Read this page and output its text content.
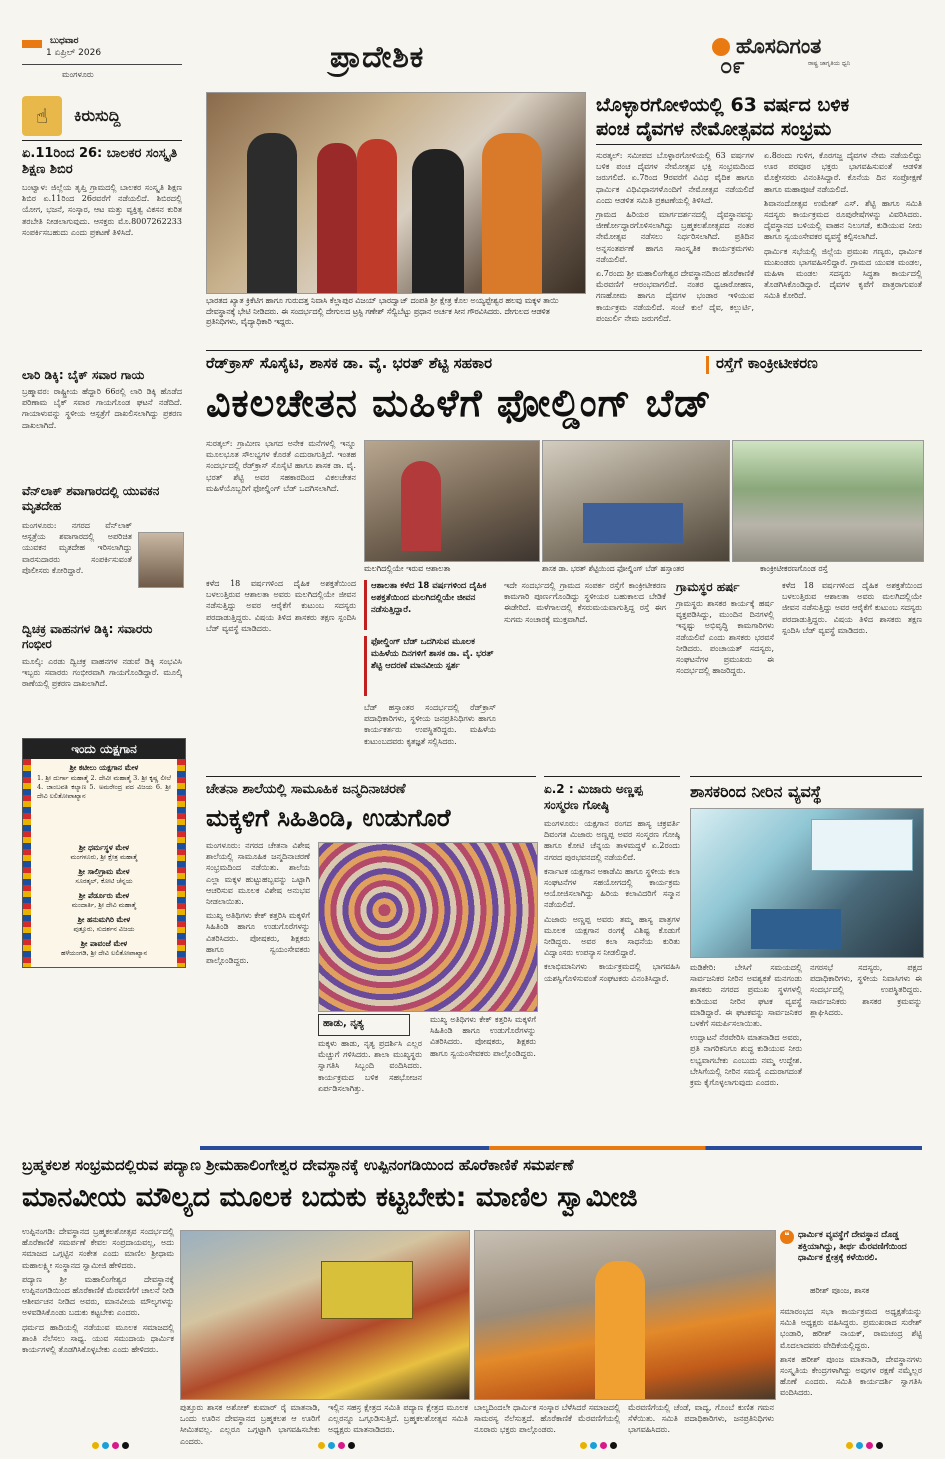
ಬುಧವಾರ
1 ಏಪ್ರಿಲ್ 2026
ಮಂಗಳೂರು	ಪ್ರಾದೇಶಿಕ	ಹೊಸದಿಗಂತ
ರಾಷ್ಟ್ರ ಜಾಗೃತಿಯ ಧ್ವನಿ
೦೯
☝	ಕಿರುಸುದ್ದಿ
ಏ.11ರಿಂದ 26: ಬಾಲಕರ ಸಂಸ್ಕೃತಿ ಶಿಕ್ಷಣ ಶಿಬಿರ
ಬಂಟ್ವಾಳ: ಜಿಲ್ಲೆಯ ತೃಪ್ತಿ ಗ್ರಾಮದಲ್ಲಿ ಬಾಲಕರ ಸಂಸ್ಕೃತಿ ಶಿಕ್ಷಣ ಶಿಬಿರ ಏ.11ರಿಂದ 26ರವರೆಗೆ ನಡೆಯಲಿದೆ. ಶಿಬಿರದಲ್ಲಿ ಯೋಗ, ಭಜನೆ, ಸಂಸ್ಕಾರ, ಆಟ ಮತ್ತು ವ್ಯಕ್ತಿತ್ವ ವಿಕಸನ ಕುರಿತ ತರಬೇತಿ ನೀಡಲಾಗುವುದು. ಆಸಕ್ತರು ಮೊ.8007262233 ಸಂಪರ್ಕಿಸಬಹುದು ಎಂದು ಪ್ರಕಟಣೆ ತಿಳಿಸಿದೆ.
ಲಾರಿ ಡಿಕ್ಕಿ: ಬೈಕ್ ಸವಾರ ಗಾಯ
ಬ್ರಹ್ಮಾವರ: ರಾಷ್ಟ್ರೀಯ ಹೆದ್ದಾರಿ 66ರಲ್ಲಿ ಲಾರಿ ಡಿಕ್ಕಿ ಹೊಡೆದ ಪರಿಣಾಮ ಬೈಕ್ ಸವಾರ ಗಾಯಗೊಂಡ ಘಟನೆ ನಡೆದಿದೆ. ಗಾಯಾಳುವನ್ನು ಸ್ಥಳೀಯ ಆಸ್ಪತ್ರೆಗೆ ದಾಖಲಿಸಲಾಗಿದ್ದು ಪ್ರಕರಣ ದಾಖಲಾಗಿದೆ.
ವೆನ್‌ಲಾಕ್ ಶವಾಗಾರದಲ್ಲಿ ಯುವಕನ ಮೃತದೇಹ
ಮಂಗಳೂರು: ನಗರದ ವೆನ್‌ಲಾಕ್ ಆಸ್ಪತ್ರೆಯ ಶವಾಗಾರದಲ್ಲಿ ಅಪರಿಚಿತ ಯುವಕನ ಮೃತದೇಹ ಇರಿಸಲಾಗಿದ್ದು ವಾರಸುದಾರರು ಸಂಪರ್ಕಿಸುವಂತೆ ಪೊಲೀಸರು ಕೋರಿದ್ದಾರೆ.
ದ್ವಿಚಕ್ರ ವಾಹನಗಳ ಡಿಕ್ಕಿ: ಸವಾರರು ಗಂಭೀರ
ಮೂಲ್ಕಿ: ಎರಡು ದ್ವಿಚಕ್ರ ವಾಹನಗಳ ನಡುವೆ ಡಿಕ್ಕಿ ಸಂಭವಿಸಿ ಇಬ್ಬರು ಸವಾರರು ಗಂಭೀರವಾಗಿ ಗಾಯಗೊಂಡಿದ್ದಾರೆ. ಮೂಲ್ಕಿ ಠಾಣೆಯಲ್ಲಿ ಪ್ರಕರಣ ದಾಖಲಾಗಿದೆ.
ಇಂದು ಯಕ್ಷಗಾನ
ಶ್ರೀ ಕಟೀಲು ಯಕ್ಷಗಾನ ಮೇಳ
1. ಶ್ರೀ ದುರ್ಗಾ ಮಹಾತ್ಮೆ 2. ದೇವೀ ಮಹಾತ್ಮೆ 3. ಶ್ರೀ ಕೃಷ್ಣ ಲೀಲೆ 4. ಜಾಂಬವತಿ ಕಲ್ಯಾಣ 5. ಅಮರೇಂದ್ರ ಪದ ವಿಜಯ 6. ಶ್ರೀ ದೇವಿ ಲಲಿತೋಪಾಖ್ಯಾನ
ಶ್ರೀ ಧರ್ಮಸ್ಥಳ ಮೇಳ
ಮಂಗಳೂರು, ಶ್ರೀ ಕ್ಷೇತ್ರ ಮಹಾತ್ಮೆ
ಶ್ರೀ ಸಾಲಿಗ್ರಾಮ ಮೇಳ
ಸೂರತ್ಕಲ್, ಕೋಟಿ ಚೆನ್ನಯ
ಶ್ರೀ ಪೆರ್ಡೂರು ಮೇಳ
ಮಂದಾರ್ತಿ, ಶ್ರೀ ದೇವಿ ಮಹಾತ್ಮೆ
ಶ್ರೀ ಹನುಮಗಿರಿ ಮೇಳ
ಪುತ್ತೂರು, ಸುದರ್ಶನ ವಿಜಯ
ಶ್ರೀ ಪಾವಂಜೆ ಮೇಳ
ಹಳೆಯಂಗಡಿ, ಶ್ರೀ ದೇವಿ ಲಲಿತೋಪಾಖ್ಯಾನ
ಭಾರತದ ಖ್ಯಾತ ಕ್ರಿಕೆಟಿಗ ಹಾಗೂ ಗುರುದತ್ತ ನಿವಾಸಿ ಕೆಲ್ಲಾಪುರ ವಿಜಯ್ ಭಾರದ್ವಾಜ್ ದಂಪತಿ ಶ್ರೀ ಕ್ಷೇತ್ರ ಕೊಲ ಅಯ್ಯಪ್ಪೇಶ್ವರ ಹಲವು ಮಕ್ಕಳ ತಾಯಿ ದೇವಸ್ಥಾನಕ್ಕೆ ಭೇಟಿ ನೀಡಿದರು. ಈ ಸಂದರ್ಭದಲ್ಲಿ ದೇಗುಲದ ಟ್ರಸ್ಟಿ ಗಣೇಶ್ ಸೆಲ್ವಿಬೆಟ್ಟು ಪ್ರಧಾನ ಅರ್ಚಕ ಸೀನ ಗೌರವಿಸಿದರು. ದೇಗುಲದ ಆಡಳಿತ ಪ್ರತಿನಿಧಿಗಳು, ವೈದ್ಯಾಧಿಕಾರಿ ಇದ್ದರು.
ಬೊಳ್ಳಾರಗೋಳಿಯಲ್ಲಿ 63 ವರ್ಷದ ಬಳಿಕ
ಪಂಚ ದೈವಗಳ ನೇಮೋತ್ಸವದ ಸಂಭ್ರಮ

ಸುರತ್ಕಲ್: ಸಮೀಪದ ಬೊಳ್ಳಾರಗೋಳಿಯಲ್ಲಿ 63 ವರ್ಷಗಳ ಬಳಿಕ ಪಂಚ ದೈವಗಳ ನೇಮೋತ್ಸವ ಭಕ್ತಿ ಸಂಭ್ರಮದಿಂದ ಜರುಗಲಿದೆ. ಏ.7ರಿಂದ 9ರವರೆಗೆ ವಿವಿಧ ವೈದಿಕ ಹಾಗೂ ಧಾರ್ಮಿಕ ವಿಧಿವಿಧಾನಗಳೊಂದಿಗೆ ನೇಮೋತ್ಸವ ನಡೆಯಲಿದೆ ಎಂದು ಆಡಳಿತ ಸಮಿತಿ ಪ್ರಕಟಣೆಯಲ್ಲಿ ತಿಳಿಸಿದೆ.

ಗ್ರಾಮದ ಹಿರಿಯರ ಮಾರ್ಗದರ್ಶನದಲ್ಲಿ ದೈವಸ್ಥಾನವನ್ನು ಜೀರ್ಣೋದ್ಧಾರಗೊಳಿಸಲಾಗಿದ್ದು ಬ್ರಹ್ಮಕಲಶೋತ್ಸವದ ನಂತರ ನೇಮೋತ್ಸವ ನಡೆಸಲು ನಿರ್ಧರಿಸಲಾಗಿದೆ. ಪ್ರತಿದಿನ ಅನ್ನಸಂತರ್ಪಣೆ ಹಾಗೂ ಸಾಂಸ್ಕೃತಿಕ ಕಾರ್ಯಕ್ರಮಗಳು ನಡೆಯಲಿವೆ.

ಏ.7ರಂದು ಶ್ರೀ ಮಹಾಲಿಂಗೇಶ್ವರ ದೇವಸ್ಥಾನದಿಂದ ಹೊರೆಕಾಣಿಕೆ ಮೆರವಣಿಗೆ ಆರಂಭವಾಗಲಿದೆ. ನಂತರ ಧ್ವಜಾರೋಹಣ, ಗಣಹೋಮ ಹಾಗೂ ದೈವಗಳ ಭಂಡಾರ ಇಳಿಯುವ ಕಾರ್ಯಕ್ರಮ ನಡೆಯಲಿದೆ. ಸಂಜೆ ಕುಲೆ ದೈವ, ಕಲ್ಲುರ್ಟಿ, ಪಂಜುರ್ಲಿ ನೇಮ ಜರುಗಲಿದೆ.

ಏ.8ರಂದು ಗುಳಿಗ, ಕೊರಗಜ್ಜ ದೈವಗಳ ನೇಮ ನಡೆಯಲಿದ್ದು ಊರ ಪರವೂರ ಭಕ್ತರು ಭಾಗವಹಿಸುವಂತೆ ಆಡಳಿತ ಮೊಕ್ತೇಸರರು ವಿನಂತಿಸಿದ್ದಾರೆ. ಕೊನೆಯ ದಿನ ಸಂಪ್ರೋಕ್ಷಣೆ ಹಾಗೂ ಮಹಾಪೂಜೆ ನಡೆಯಲಿದೆ.

ಶಿವಾನಂದೋತ್ಸವ ಉಮೇಶ್ ಎಸ್. ಶೆಟ್ಟಿ ಹಾಗೂ ಸಮಿತಿ ಸದಸ್ಯರು ಕಾರ್ಯಕ್ರಮದ ರೂಪುರೇಷೆಗಳನ್ನು ವಿವರಿಸಿದರು. ದೈವಸ್ಥಾನದ ಬಳಿಯಲ್ಲಿ ವಾಹನ ನಿಲುಗಡೆ, ಕುಡಿಯುವ ನೀರು ಹಾಗೂ ಸ್ವಯಂಸೇವಕರ ವ್ಯವಸ್ಥೆ ಕಲ್ಪಿಸಲಾಗಿದೆ.

ಧಾರ್ಮಿಕ ಸಭೆಯಲ್ಲಿ ಜಿಲ್ಲೆಯ ಪ್ರಮುಖ ಗಣ್ಯರು, ಧಾರ್ಮಿಕ ಮುಖಂಡರು ಭಾಗವಹಿಸಲಿದ್ದಾರೆ. ಗ್ರಾಮದ ಯುವಕ ಮಂಡಲ, ಮಹಿಳಾ ಮಂಡಲ ಸದಸ್ಯರು ಸಿದ್ಧತಾ ಕಾರ್ಯದಲ್ಲಿ ತೊಡಗಿಸಿಕೊಂಡಿದ್ದಾರೆ. ದೈವಗಳ ಕೃಪೆಗೆ ಪಾತ್ರರಾಗುವಂತೆ ಸಮಿತಿ ಕೋರಿದೆ.

ರೆಡ್‌ಕ್ರಾಸ್ ಸೊಸೈಟಿ, ಶಾಸಕ ಡಾ. ವೈ. ಭರತ್ ಶೆಟ್ಟಿ ಸಹಕಾರ	ರಸ್ತೆಗೆ ಕಾಂಕ್ರೀಟೀಕರಣ
ವಿಕಲಚೇತನ ಮಹಿಳೆಗೆ ಫೋಲ್ಡಿಂಗ್ ಬೆಡ್

ಸುರತ್ಕಲ್: ಗ್ರಾಮೀಣ ಭಾಗದ ಅನೇಕ ಮನೆಗಳಲ್ಲಿ ಇನ್ನೂ ಮೂಲಭೂತ ಸೌಲಭ್ಯಗಳ ಕೊರತೆ ಎದುರಾಗುತ್ತಿದೆ. ಇಂತಹ ಸಂದರ್ಭದಲ್ಲಿ ರೆಡ್‌ಕ್ರಾಸ್ ಸೊಸೈಟಿ ಹಾಗೂ ಶಾಸಕ ಡಾ. ವೈ. ಭರತ್ ಶೆಟ್ಟಿ ಅವರ ಸಹಕಾರದಿಂದ ವಿಕಲಚೇತನ ಮಹಿಳೆಯೊಬ್ಬರಿಗೆ ಫೋಲ್ಡಿಂಗ್ ಬೆಡ್ ಒದಗಿಸಲಾಗಿದೆ.

ಮಲಗಿದಲ್ಲಿಯೇ ಇರುವ ಆಶಾಲತಾ	ಶಾಸಕ ಡಾ. ಭರತ್ ಶೆಟ್ಟಿಯಿಂದ ಫೋಲ್ಡಿಂಗ್ ಬೆಡ್ ಹಸ್ತಾಂತರ	ಕಾಂಕ್ರೀಟೀಕರಣಗೊಂಡ ರಸ್ತೆ

ಕಳೆದ 18 ವರ್ಷಗಳಿಂದ ದೈಹಿಕ ಅಶಕ್ತತೆಯಿಂದ ಬಳಲುತ್ತಿರುವ ಆಶಾಲತಾ ಅವರು ಮಲಗಿದಲ್ಲಿಯೇ ಜೀವನ ನಡೆಸುತ್ತಿದ್ದು ಅವರ ಆರೈಕೆಗೆ ಕುಟುಂಬ ಸದಸ್ಯರು ಪರದಾಡುತ್ತಿದ್ದರು. ವಿಷಯ ತಿಳಿದ ಶಾಸಕರು ತಕ್ಷಣ ಸ್ಪಂದಿಸಿ ಬೆಡ್ ವ್ಯವಸ್ಥೆ ಮಾಡಿದರು.

ಆಶಾಲತಾ ಕಳೆದ 18 ವರ್ಷಗಳಿಂದ ದೈಹಿಕ ಅಶಕ್ತತೆಯಿಂದ ಮಲಗಿದಲ್ಲಿಯೇ ಜೀವನ ನಡೆಸುತ್ತಿದ್ದಾರೆ.
ಫೋಲ್ಡಿಂಗ್ ಬೆಡ್ ಒದಗಿಸುವ ಮೂಲಕ ಮಹಿಳೆಯ ದಿನಗಳಿಗೆ ಶಾಸಕ ಡಾ. ವೈ. ಭರತ್ ಶೆಟ್ಟಿ ಆದರಣೆ ಮಾನವೀಯ ಸ್ಪರ್ಶ

ಬೆಡ್ ಹಸ್ತಾಂತರ ಸಂದರ್ಭದಲ್ಲಿ ರೆಡ್‌ಕ್ರಾಸ್ ಪದಾಧಿಕಾರಿಗಳು, ಸ್ಥಳೀಯ ಜನಪ್ರತಿನಿಧಿಗಳು ಹಾಗೂ ಕಾರ್ಯಕರ್ತರು ಉಪಸ್ಥಿತರಿದ್ದರು. ಮಹಿಳೆಯ ಕುಟುಂಬದವರು ಕೃತಜ್ಞತೆ ಸಲ್ಲಿಸಿದರು.

ಇದೇ ಸಂದರ್ಭದಲ್ಲಿ ಗ್ರಾಮದ ಸಂಪರ್ಕ ರಸ್ತೆಗೆ ಕಾಂಕ್ರೀಟೀಕರಣ ಕಾಮಗಾರಿ ಪೂರ್ಣಗೊಂಡಿದ್ದು ಸ್ಥಳೀಯರ ಬಹುಕಾಲದ ಬೇಡಿಕೆ ಈಡೇರಿದೆ. ಮಳೆಗಾಲದಲ್ಲಿ ಕೆಸರುಮಯವಾಗುತ್ತಿದ್ದ ರಸ್ತೆ ಈಗ ಸುಗಮ ಸಂಚಾರಕ್ಕೆ ಮುಕ್ತವಾಗಿದೆ.

ಗ್ರಾಮಸ್ಥರ ಹರ್ಷ

ಗ್ರಾಮಸ್ಥರು ಶಾಸಕರ ಕಾರ್ಯಕ್ಕೆ ಹರ್ಷ ವ್ಯಕ್ತಪಡಿಸಿದ್ದು, ಮುಂದಿನ ದಿನಗಳಲ್ಲಿ ಇನ್ನಷ್ಟು ಅಭಿವೃದ್ಧಿ ಕಾಮಗಾರಿಗಳು ನಡೆಯಲಿವೆ ಎಂದು ಶಾಸಕರು ಭರವಸೆ ನೀಡಿದರು. ಪಂಚಾಯತ್ ಸದಸ್ಯರು, ಸಂಘಟನೆಗಳ ಪ್ರಮುಖರು ಈ ಸಂದರ್ಭದಲ್ಲಿ ಹಾಜರಿದ್ದರು.

ಕಳೆದ 18 ವರ್ಷಗಳಿಂದ ದೈಹಿಕ ಅಶಕ್ತತೆಯಿಂದ ಬಳಲುತ್ತಿರುವ ಆಶಾಲತಾ ಅವರು ಮಲಗಿದಲ್ಲಿಯೇ ಜೀವನ ನಡೆಸುತ್ತಿದ್ದು ಅವರ ಆರೈಕೆಗೆ ಕುಟುಂಬ ಸದಸ್ಯರು ಪರದಾಡುತ್ತಿದ್ದರು. ವಿಷಯ ತಿಳಿದ ಶಾಸಕರು ತಕ್ಷಣ ಸ್ಪಂದಿಸಿ ಬೆಡ್ ವ್ಯವಸ್ಥೆ ಮಾಡಿದರು.

ಚೇತನಾ ಶಾಲೆಯಲ್ಲಿ ಸಾಮೂಹಿಕ ಜನ್ಮದಿನಾಚರಣೆ
ಮಕ್ಕಳಿಗೆ ಸಿಹಿತಿಂಡಿ, ಉಡುಗೊರೆ

ಮಂಗಳೂರು: ನಗರದ ಚೇತನಾ ವಿಶೇಷ ಶಾಲೆಯಲ್ಲಿ ಸಾಮೂಹಿಕ ಜನ್ಮದಿನಾಚರಣೆ ಸಂಭ್ರಮದಿಂದ ನಡೆಯಿತು. ಶಾಲೆಯ ಎಲ್ಲಾ ಮಕ್ಕಳ ಹುಟ್ಟುಹಬ್ಬವನ್ನು ಒಟ್ಟಾಗಿ ಆಚರಿಸುವ ಮೂಲಕ ವಿಶೇಷ ಅನುಭವ ನೀಡಲಾಯಿತು.

ಮುಖ್ಯ ಅತಿಥಿಗಳು ಕೇಕ್ ಕತ್ತರಿಸಿ ಮಕ್ಕಳಿಗೆ ಸಿಹಿತಿಂಡಿ ಹಾಗೂ ಉಡುಗೊರೆಗಳನ್ನು ವಿತರಿಸಿದರು. ಪೋಷಕರು, ಶಿಕ್ಷಕರು ಹಾಗೂ ಸ್ವಯಂಸೇವಕರು ಪಾಲ್ಗೊಂಡಿದ್ದರು.

ಹಾಡು, ನೃತ್ಯ

ಮಕ್ಕಳು ಹಾಡು, ನೃತ್ಯ ಪ್ರದರ್ಶಿಸಿ ಎಲ್ಲರ ಮೆಚ್ಚುಗೆ ಗಳಿಸಿದರು. ಶಾಲಾ ಮುಖ್ಯಸ್ಥರು ಸ್ವಾಗತಿಸಿ ಸಿಬ್ಬಂದಿ ವಂದಿಸಿದರು. ಕಾರ್ಯಕ್ರಮದ ಬಳಿಕ ಸಹಭೋಜನ ಏರ್ಪಡಿಸಲಾಗಿತ್ತು.

ಮುಖ್ಯ ಅತಿಥಿಗಳು ಕೇಕ್ ಕತ್ತರಿಸಿ ಮಕ್ಕಳಿಗೆ ಸಿಹಿತಿಂಡಿ ಹಾಗೂ ಉಡುಗೊರೆಗಳನ್ನು ವಿತರಿಸಿದರು. ಪೋಷಕರು, ಶಿಕ್ಷಕರು ಹಾಗೂ ಸ್ವಯಂಸೇವಕರು ಪಾಲ್ಗೊಂಡಿದ್ದರು.

ಏ.2 : ಮಿಜಾರು ಅಣ್ಣಪ್ಪ
ಸಂಸ್ಮರಣ ಗೋಷ್ಠಿ

ಮಂಗಳೂರು: ಯಕ್ಷಗಾನ ರಂಗದ ಹಾಸ್ಯ ಚಕ್ರವರ್ತಿ ದಿವಂಗತ ಮಿಜಾರು ಅಣ್ಣಪ್ಪ ಅವರ ಸಂಸ್ಮರಣ ಗೋಷ್ಠಿ ಹಾಗೂ ಕೋಟಿ ಚೆನ್ನಯ ತಾಳಮದ್ದಳೆ ಏ.2ರಂದು ನಗರದ ಪುರಭವನದಲ್ಲಿ ನಡೆಯಲಿದೆ.

ಕರ್ನಾಟಕ ಯಕ್ಷಗಾನ ಅಕಾಡೆಮಿ ಹಾಗೂ ಸ್ಥಳೀಯ ಕಲಾ ಸಂಘಟನೆಗಳ ಸಹಯೋಗದಲ್ಲಿ ಕಾರ್ಯಕ್ರಮ ಆಯೋಜಿಸಲಾಗಿದ್ದು ಹಿರಿಯ ಕಲಾವಿದರಿಗೆ ಸನ್ಮಾನ ನಡೆಯಲಿದೆ.

ಮಿಜಾರು ಅಣ್ಣಪ್ಪ ಅವರು ತಮ್ಮ ಹಾಸ್ಯ ಪಾತ್ರಗಳ ಮೂಲಕ ಯಕ್ಷಗಾನ ರಂಗಕ್ಕೆ ವಿಶಿಷ್ಟ ಕೊಡುಗೆ ನೀಡಿದ್ದರು. ಅವರ ಕಲಾ ಸಾಧನೆಯ ಕುರಿತು ವಿದ್ವಾಂಸರು ಉಪನ್ಯಾಸ ನೀಡಲಿದ್ದಾರೆ.

ಕಲಾಭಿಮಾನಿಗಳು ಕಾರ್ಯಕ್ರಮದಲ್ಲಿ ಭಾಗವಹಿಸಿ ಯಶಸ್ವಿಗೊಳಿಸುವಂತೆ ಸಂಘಟಕರು ವಿನಂತಿಸಿದ್ದಾರೆ.

ಶಾಸಕರಿಂದ ನೀರಿನ ವ್ಯವಸ್ಥೆ

ಮಡಿಕೇರಿ: ಬೇಸಿಗೆ ಸಮಯದಲ್ಲಿ ಸಾರ್ವಜನಿಕರ ನೀರಿನ ಅವಶ್ಯಕತೆ ಮನಗಂಡು ಶಾಸಕರು ನಗರದ ಪ್ರಮುಖ ಸ್ಥಳಗಳಲ್ಲಿ ಕುಡಿಯುವ ನೀರಿನ ಘಟಕ ವ್ಯವಸ್ಥೆ ಮಾಡಿದ್ದಾರೆ. ಈ ಘಟಕವನ್ನು ಸಾರ್ವಜನಿಕರ ಬಳಕೆಗೆ ಸಮರ್ಪಿಸಲಾಯಿತು.

ಉದ್ಘಾಟನೆ ನೆರವೇರಿಸಿ ಮಾತನಾಡಿದ ಅವರು, ಪ್ರತಿ ನಾಗರಿಕನಿಗೂ ಶುದ್ಧ ಕುಡಿಯುವ ನೀರು ಲಭ್ಯವಾಗಬೇಕು ಎಂಬುದು ನಮ್ಮ ಉದ್ದೇಶ. ಬೇಸಿಗೆಯಲ್ಲಿ ನೀರಿನ ಸಮಸ್ಯೆ ಎದುರಾಗದಂತೆ ಕ್ರಮ ಕೈಗೊಳ್ಳಲಾಗುವುದು ಎಂದರು.

ನಗರಸಭೆ ಸದಸ್ಯರು, ಪಕ್ಷದ ಪದಾಧಿಕಾರಿಗಳು, ಸ್ಥಳೀಯ ನಿವಾಸಿಗಳು ಈ ಸಂದರ್ಭದಲ್ಲಿ ಉಪಸ್ಥಿತರಿದ್ದರು. ಸಾರ್ವಜನಿಕರು ಶಾಸಕರ ಕ್ರಮವನ್ನು ಶ್ಲಾಘಿಸಿದರು.

ಬ್ರಹ್ಮಕಲಶ ಸಂಭ್ರಮದಲ್ಲಿರುವ ಪದ್ಯಾಣ ಶ್ರೀಮಹಾಲಿಂಗೇಶ್ವರ ದೇವಸ್ಥಾನಕ್ಕೆ ಉಪ್ಪಿನಂಗಡಿಯಿಂದ ಹೊರೆಕಾಣಿಕೆ ಸಮರ್ಪಣೆ
ಮಾನವೀಯ ಮೌಲ್ಯದ ಮೂಲಕ ಬದುಕು ಕಟ್ಟಬೇಕು: ಮಾಣಿಲ ಸ್ವಾಮೀಜಿ

ಉಪ್ಪಿನಂಗಡಿ: ದೇವಸ್ಥಾನದ ಬ್ರಹ್ಮಕಲಶೋತ್ಸವ ಸಂದರ್ಭದಲ್ಲಿ ಹೊರೆಕಾಣಿಕೆ ಸಮರ್ಪಣೆ ಕೇವಲ ಸಂಪ್ರದಾಯವಲ್ಲ, ಅದು ಸಮಾಜದ ಒಗ್ಗಟ್ಟಿನ ಸಂಕೇತ ಎಂದು ಮಾಣಿಲ ಶ್ರೀಧಾಮ ಮಹಾಲಕ್ಷ್ಮೀ ಸಂಸ್ಥಾನದ ಸ್ವಾಮೀಜಿ ಹೇಳಿದರು.

ಪದ್ಯಾಣ ಶ್ರೀ ಮಹಾಲಿಂಗೇಶ್ವರ ದೇವಸ್ಥಾನಕ್ಕೆ ಉಪ್ಪಿನಂಗಡಿಯಿಂದ ಹೊರೆಕಾಣಿಕೆ ಮೆರವಣಿಗೆಗೆ ಚಾಲನೆ ನೀಡಿ ಆಶೀರ್ವಚನ ನೀಡಿದ ಅವರು, ಮಾನವೀಯ ಮೌಲ್ಯಗಳನ್ನು ಅಳವಡಿಸಿಕೊಂಡು ಬದುಕು ಕಟ್ಟಬೇಕು ಎಂದರು.

ಧರ್ಮದ ಹಾದಿಯಲ್ಲಿ ನಡೆಯುವ ಮೂಲಕ ಸಮಾಜದಲ್ಲಿ ಶಾಂತಿ ನೆಲೆಸಲು ಸಾಧ್ಯ. ಯುವ ಸಮುದಾಯ ಧಾರ್ಮಿಕ ಕಾರ್ಯಗಳಲ್ಲಿ ತೊಡಗಿಸಿಕೊಳ್ಳಬೇಕು ಎಂದು ಹೇಳಿದರು.

❝ ಧಾರ್ಮಿಕ ವ್ಯವಸ್ಥೆಗೆ ದೇವಸ್ಥಾನ ದೊಡ್ಡ ಶಕ್ತಿಯಾಗಿದ್ದು, ತೀರ್ಥ ಮೆರವಣಿಗೆಯಿಂದ ಧಾರ್ಮಿಕ ಕ್ಷೇತ್ರಕ್ಕೆ ಕಳೆಯಿರಲಿ.
ಹರೀಶ್ ಪೂಂಜ, ಶಾಸಕ

ಸಮಾರಂಭದ ಸಭಾ ಕಾರ್ಯಕ್ರಮದ ಅಧ್ಯಕ್ಷತೆಯನ್ನು ಸಮಿತಿ ಅಧ್ಯಕ್ಷರು ವಹಿಸಿದ್ದರು. ಪ್ರಮುಖರಾದ ಸುರೇಶ್ ಭಂಡಾರಿ, ಹರೀಶ್ ನಾಯಕ್, ರಾಮಚಂದ್ರ ಶೆಟ್ಟಿ ಮೊದಲಾದವರು ವೇದಿಕೆಯಲ್ಲಿದ್ದರು.

ಶಾಸಕ ಹರೀಶ್ ಪೂಂಜ ಮಾತನಾಡಿ, ದೇವಸ್ಥಾನಗಳು ಸಂಸ್ಕೃತಿಯ ಕೇಂದ್ರಗಳಾಗಿದ್ದು ಅವುಗಳ ರಕ್ಷಣೆ ನಮ್ಮೆಲ್ಲರ ಹೊಣೆ ಎಂದರು. ಸಮಿತಿ ಕಾರ್ಯದರ್ಶಿ ಸ್ವಾಗತಿಸಿ ವಂದಿಸಿದರು.

ಪುತ್ತೂರು ಶಾಸಕ ಅಶೋಕ್ ಕುಮಾರ್ ರೈ ಮಾತನಾಡಿ, ಒಂದು ಊರಿನ ದೇವಸ್ಥಾನದ ಬ್ರಹ್ಮಕಲಶ ಆ ಊರಿಗೆ ಸೀಮಿತವಲ್ಲ. ಎಲ್ಲರೂ ಒಗ್ಗಟ್ಟಾಗಿ ಭಾಗವಹಿಸಬೇಕು ಎಂದರು.
ಇಲ್ಲಿನ ಸಹಸ್ರ ಕ್ಷೇತ್ರದ ಸಮಿತಿ ಪದ್ಯಾಣ ಕ್ಷೇತ್ರದ ಮೂಲಕ ಎಲ್ಲರನ್ನೂ ಒಗ್ಗೂಡಿಸುತ್ತಿದೆ. ಬ್ರಹ್ಮಕಲಶೋತ್ಸವ ಸಮಿತಿ ಅಧ್ಯಕ್ಷರು ಮಾತನಾಡಿದರು.
ಬಾಲ್ಯದಿಂದಲೇ ಧಾರ್ಮಿಕ ಸಂಸ್ಕಾರ ಬೆಳೆಸಿದರೆ ಸಮಾಜದಲ್ಲಿ ಸಾಮರಸ್ಯ ನೆಲೆಸುತ್ತದೆ. ಹೊರೆಕಾಣಿಕೆ ಮೆರವಣಿಗೆಯಲ್ಲಿ ನೂರಾರು ಭಕ್ತರು ಪಾಲ್ಗೊಂಡರು.
ಮೆರವಣಿಗೆಯಲ್ಲಿ ಚೆಂಡೆ, ವಾದ್ಯ, ಗೊಂಬೆ ಕುಣಿತ ಗಮನ ಸೆಳೆಯಿತು. ಸಮಿತಿ ಪದಾಧಿಕಾರಿಗಳು, ಜನಪ್ರತಿನಿಧಿಗಳು ಭಾಗವಹಿಸಿದರು.
